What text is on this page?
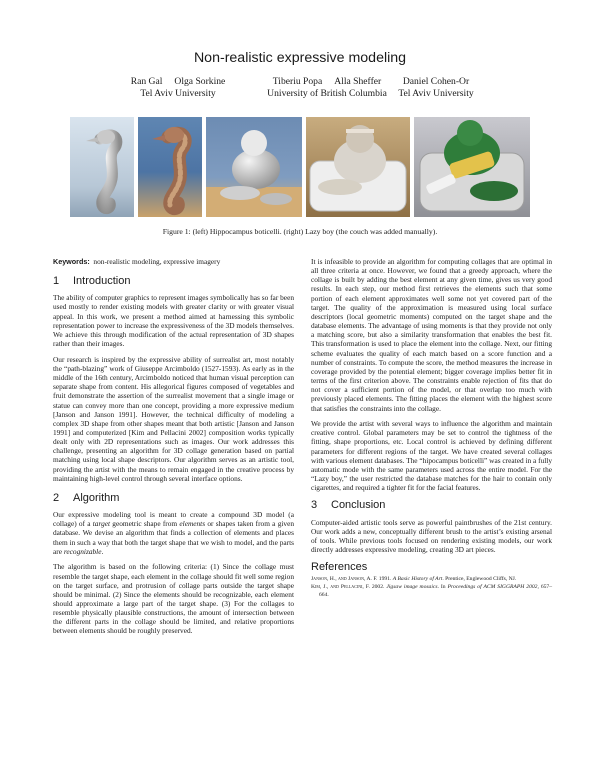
Non-realistic expressive modeling
Ran Gal Olga Sorkine
Tel Aviv University
Tiberiu Popa Alla Sheffer
University of British Columbia
Daniel Cohen-Or
Tel Aviv University
Figure 1: (left) Hippocampus boticelli. (right) Lazy boy (the couch was added manually).
Keywords: non-realistic modeling, expressive imagery
1 Introduction

The ability of computer graphics to represent images symbolically has so far been used mostly to render existing models with greater clarity or with greater visual appeal. In this work, we present a method aimed at harnessing this symbolic representation power to increase the expressiveness of the 3D models themselves. We achieve this through modification of the actual representation of 3D shapes rather than their images.

Our research is inspired by the expressive ability of surrealist art, most notably the “path-blazing” work of Giuseppe Arcimboldo (1527-1593). As early as in the middle of the 16th century, Arcimboldo noticed that human visual perception can separate shape from content. His allegorical figures composed of vegetables and fruit demonstrate the assertion of the surrealist movement that a single image or statue can convey more than one concept, providing a more expressive medium [Janson and Janson 1991]. However, the technical difficulty of modeling a complex 3D shape from other shapes meant that both artistic [Janson and Janson 1991] and computerized [Kim and Pellacini 2002] composition works typically dealt only with 2D representations such as images. Our work addresses this challenge, presenting an algorithm for 3D collage generation based on partial matching using local shape descriptors. Our algorithm serves as an artistic tool, providing the artist with the means to remain engaged in the creative process by maintaining high-level control through several interface options.

2 Algorithm

Our expressive modeling tool is meant to create a compound 3D model (a collage) of a target geometric shape from elements or shapes taken from a given database. We devise an algorithm that finds a collection of elements and places them in such a way that both the target shape that we wish to model, and the parts are recognizable.

The algorithm is based on the following criteria: (1) Since the collage must resemble the target shape, each element in the collage should fit well some region on the target surface, and protrusion of collage parts outside the target shape should be minimal. (2) Since the elements should be recognizable, each element should approximate a large part of the target shape. (3) For the collages to resemble physically plausible constructions, the amount of intersection between the different parts in the collage should be limited, and relative proportions between elements should be roughly preserved.

It is infeasible to provide an algorithm for computing collages that are optimal in all three criteria at once. However, we found that a greedy approach, where the collage is built by adding the best element at any given time, gives us very good results. In each step, our method first retrieves the elements such that some portion of each element approximates well some not yet covered part of the target. The quality of the approximation is measured using local surface descriptors (local geometric moments) computed on the target shape and the database elements. The advantage of using moments is that they provide not only a matching score, but also a similarity transformation that enables the best fit. This transformation is used to place the element into the collage. Next, our fitting scheme evaluates the quality of each match based on a score function and a number of constraints. To compute the score, the method measures the increase in coverage provided by the potential element; bigger coverage implies better fit in terms of the first criterion above. The constraints enable rejection of fits that do not cover a sufficient portion of the model, or that overlap too much with previously placed elements. The fitting places the element with the highest score that satisfies the constraints into the collage.

We provide the artist with several ways to influence the algorithm and maintain creative control. Global parameters may be set to control the tightness of the fitting, shape proportions, etc. Local control is achieved by defining different parameters for different regions of the target. We have created several collages with various element databases. The “hipocampus boticelli” was created in a fully automatic mode with the same parameters used across the entire model. For the “Lazy boy,” the user restricted the database matches for the hair to contain only cigarettes, and required a tighter fit for the facial features.

3 Conclusion

Computer-aided artistic tools serve as powerful paintbrushes of the 21st century. Our work adds a new, conceptually different brush to the artist’s existing arsenal of tools. While previous tools focused on rendering existing models, our work directly addresses expressive modeling, creating 3D art pieces.

References

Janson, H., and Janson, A. F. 1991. A Basic History of Art. Prentice, Englewood Cliffs, NJ.

Kim, J., and Pellacini, F. 2002. Jigsaw image mosaics. In Proceedings of ACM SIGGRAPH 2002, 657–664.
